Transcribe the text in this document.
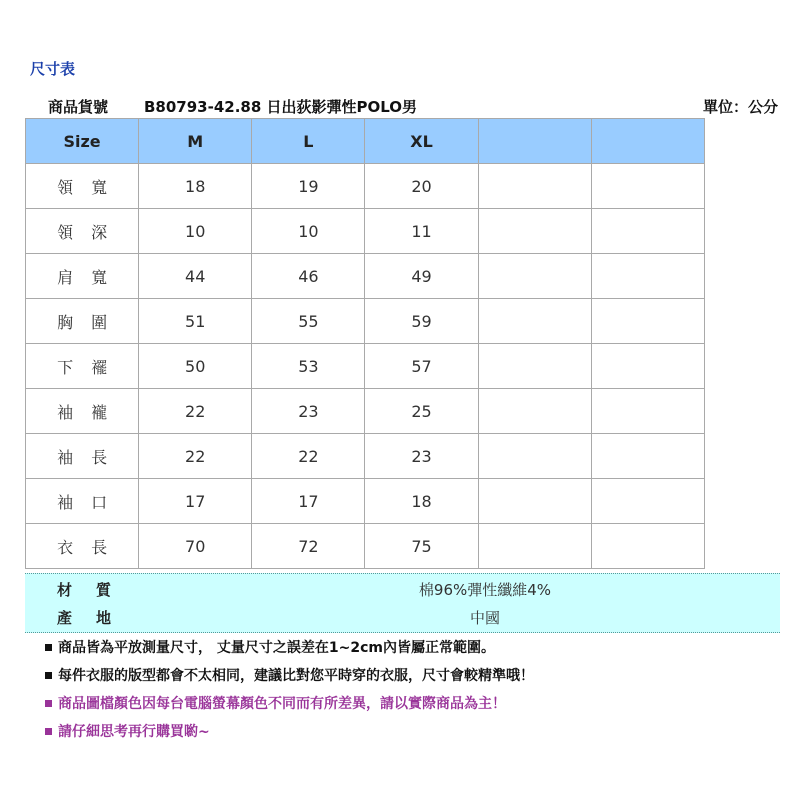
尺寸表
商品貨號 B80793-42.88 日出荻影彈性POLO男	單位：公分
Size	M	L	XL		
領 寬	18	19	20		
領 深	10	10	11		
肩 寬	44	46	49		
胸 圍	51	55	59		
下 襬	50	53	57		
袖 襱	22	23	25		
袖 長	22	22	23		
袖 口	17	17	18		
衣 長	70	72	75		
材 質	棉96%彈性纖維4%
產 地	中國
商品皆為平放測量尺寸， 丈量尺寸之誤差在1~2cm內皆屬正常範圍。
每件衣服的版型都會不太相同，建議比對您平時穿的衣服，尺寸會較精準哦！
商品圖檔顏色因每台電腦螢幕顏色不同而有所差異，請以實際商品為主！
請仔細思考再行購買喲~
